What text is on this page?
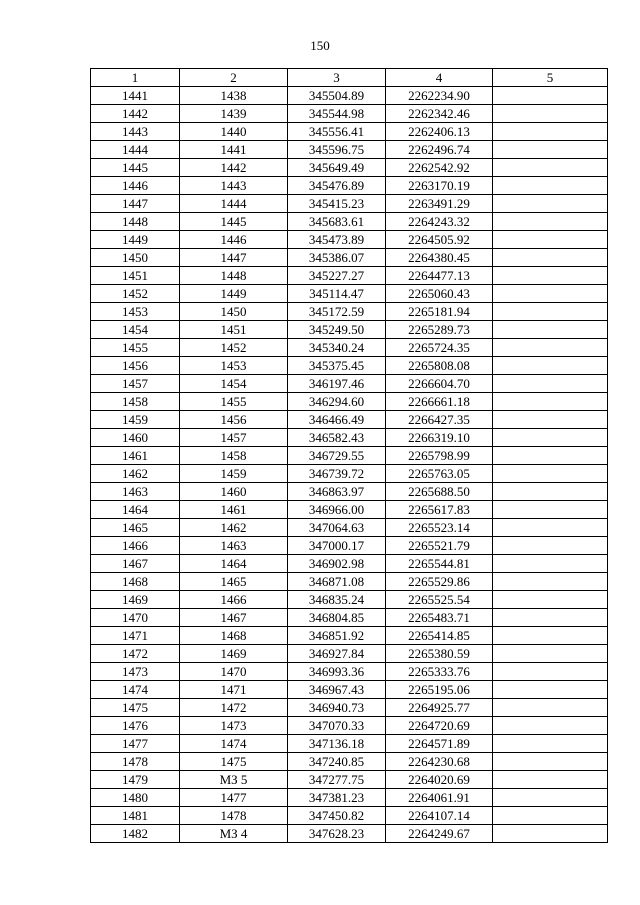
150
1	2	3	4	5
1441	1438	345504.89	2262234.90	
1442	1439	345544.98	2262342.46	
1443	1440	345556.41	2262406.13	
1444	1441	345596.75	2262496.74	
1445	1442	345649.49	2262542.92	
1446	1443	345476.89	2263170.19	
1447	1444	345415.23	2263491.29	
1448	1445	345683.61	2264243.32	
1449	1446	345473.89	2264505.92	
1450	1447	345386.07	2264380.45	
1451	1448	345227.27	2264477.13	
1452	1449	345114.47	2265060.43	
1453	1450	345172.59	2265181.94	
1454	1451	345249.50	2265289.73	
1455	1452	345340.24	2265724.35	
1456	1453	345375.45	2265808.08	
1457	1454	346197.46	2266604.70	
1458	1455	346294.60	2266661.18	
1459	1456	346466.49	2266427.35	
1460	1457	346582.43	2266319.10	
1461	1458	346729.55	2265798.99	
1462	1459	346739.72	2265763.05	
1463	1460	346863.97	2265688.50	
1464	1461	346966.00	2265617.83	
1465	1462	347064.63	2265523.14	
1466	1463	347000.17	2265521.79	
1467	1464	346902.98	2265544.81	
1468	1465	346871.08	2265529.86	
1469	1466	346835.24	2265525.54	
1470	1467	346804.85	2265483.71	
1471	1468	346851.92	2265414.85	
1472	1469	346927.84	2265380.59	
1473	1470	346993.36	2265333.76	
1474	1471	346967.43	2265195.06	
1475	1472	346940.73	2264925.77	
1476	1473	347070.33	2264720.69	
1477	1474	347136.18	2264571.89	
1478	1475	347240.85	2264230.68	
1479	МЗ 5	347277.75	2264020.69	
1480	1477	347381.23	2264061.91	
1481	1478	347450.82	2264107.14	
1482	МЗ 4	347628.23	2264249.67	
